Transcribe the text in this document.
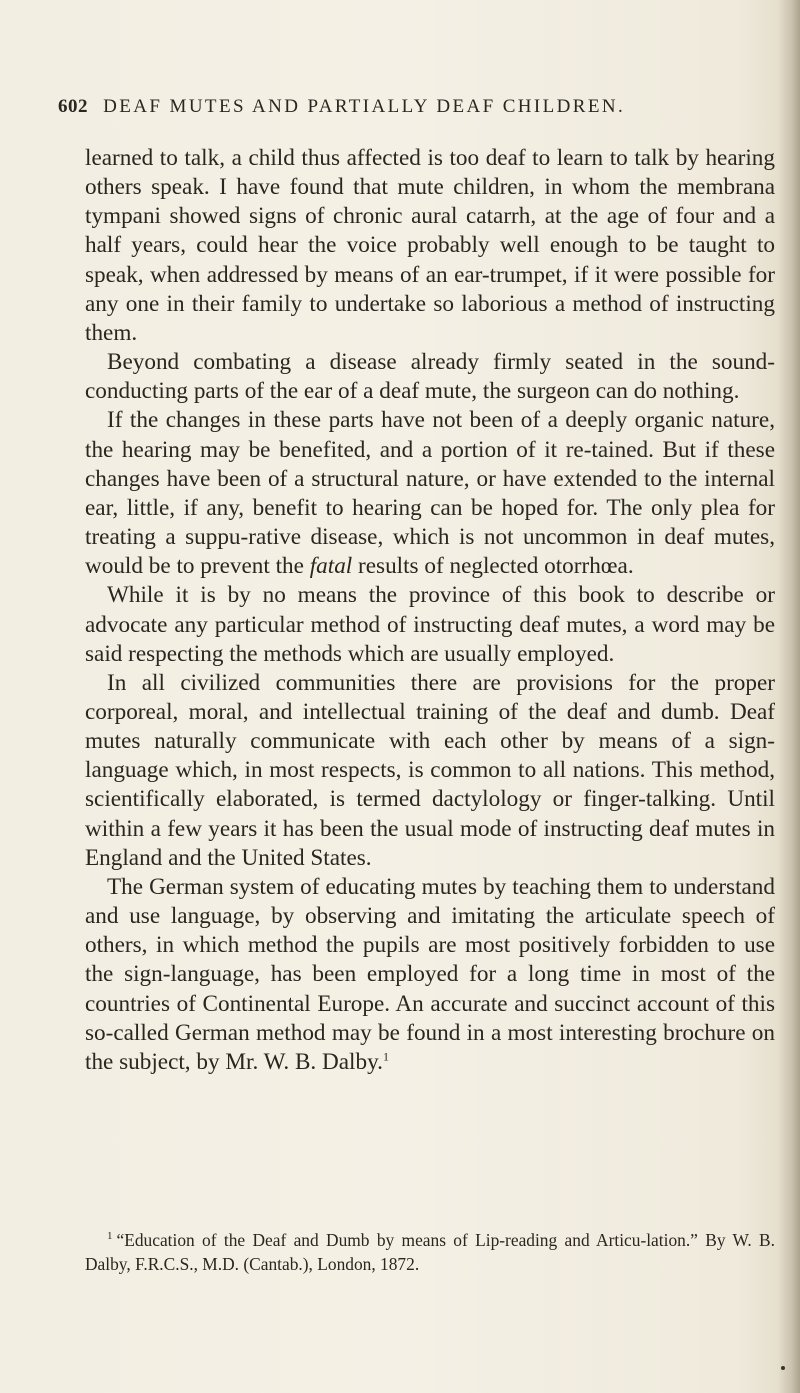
602 DEAF MUTES AND PARTIALLY DEAF CHILDREN.

learned to talk, a child thus affected is too deaf to learn to talk by hearing others speak. I have found that mute children, in whom the membrana tympani showed signs of chronic aural catarrh, at the age of four and a half years, could hear the voice probably well enough to be taught to speak, when addressed by means of an ear-trumpet, if it were possible for any one in their family to undertake so laborious a method of instructing them.

Beyond combating a disease already firmly seated in the sound-conducting parts of the ear of a deaf mute, the surgeon can do nothing.

If the changes in these parts have not been of a deeply organic nature, the hearing may be benefited, and a portion of it re-tained. But if these changes have been of a structural nature, or have extended to the internal ear, little, if any, benefit to hearing can be hoped for. The only plea for treating a suppu-rative disease, which is not uncommon in deaf mutes, would be to prevent the fatal results of neglected otorrhœa.

While it is by no means the province of this book to describe or advocate any particular method of instructing deaf mutes, a word may be said respecting the methods which are usually employed.

In all civilized communities there are provisions for the proper corporeal, moral, and intellectual training of the deaf and dumb. Deaf mutes naturally communicate with each other by means of a sign-language which, in most respects, is common to all nations. This method, scientifically elaborated, is termed dactylology or finger-talking. Until within a few years it has been the usual mode of instructing deaf mutes in England and the United States.

The German system of educating mutes by teaching them to understand and use language, by observing and imitating the articulate speech of others, in which method the pupils are most positively forbidden to use the sign-language, has been employed for a long time in most of the countries of Continental Europe. An accurate and succinct account of this so-called German method may be found in a most interesting brochure on the subject, by Mr. W. B. Dalby.$^1$

$^1$ “Education of the Deaf and Dumb by means of Lip-reading and Articu-lation.” By W. B. Dalby, F.R.C.S., M.D. (Cantab.), London, 1872.
